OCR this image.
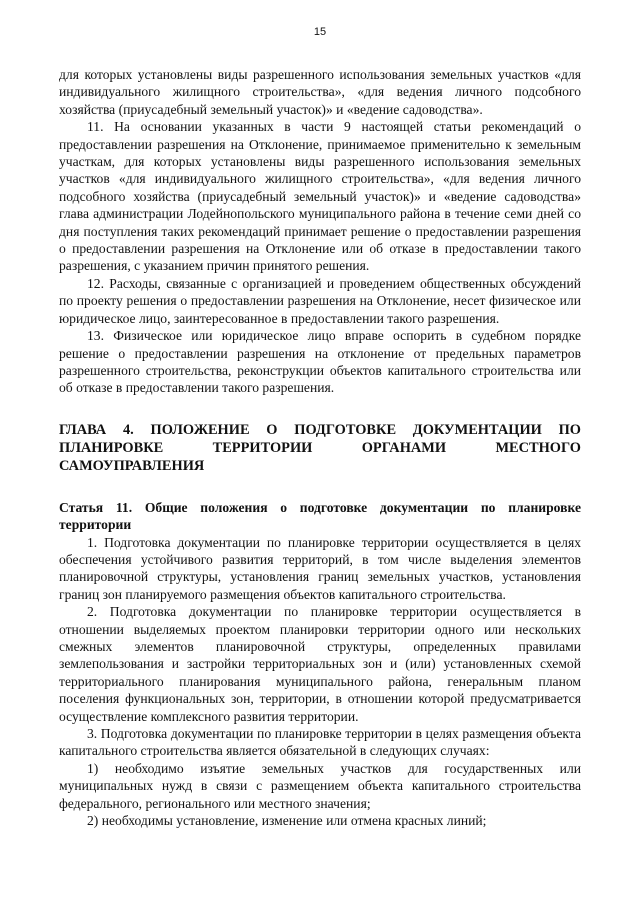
15

для которых установлены виды разрешенного использования земельных участков «для индивидуального жилищного строительства», «для ведения личного подсобного хозяйства (приусадебный земельный участок)» и «ведение садоводства».

11. На основании указанных в части 9 настоящей статьи рекомендаций о предоставлении разрешения на Отклонение, принимаемое применительно к земельным участкам, для которых установлены виды разрешенного использования земельных участков «для индивидуального жилищного строительства», «для ведения личного подсобного хозяйства (приусадебный земельный участок)» и «ведение садоводства» глава администрации Лодейнопольского муниципального района в течение семи дней со дня поступления таких рекомендаций принимает решение о предоставлении разрешения о предоставлении разрешения на Отклонение или об отказе в предоставлении такого разрешения, с указанием причин принятого решения.

12. Расходы, связанные с организацией и проведением общественных обсуждений по проекту решения о предоставлении разрешения на Отклонение, несет физическое или юридическое лицо, заинтересованное в предоставлении такого разрешения.

13. Физическое или юридическое лицо вправе оспорить в судебном порядке решение о предоставлении разрешения на отклонение от предельных параметров разрешенного строительства, реконструкции объектов капитального строительства или об отказе в предоставлении такого разрешения.

ГЛАВА 4. ПОЛОЖЕНИЕ О ПОДГОТОВКЕ ДОКУМЕНТАЦИИ ПО ПЛАНИРОВКЕ ТЕРРИТОРИИ ОРГАНАМИ МЕСТНОГО САМОУПРАВЛЕНИЯ

Статья 11. Общие положения о подготовке документации по планировке территории

1. Подготовка документации по планировке территории осуществляется в целях обеспечения устойчивого развития территорий, в том числе выделения элементов планировочной структуры, установления границ земельных участков, установления границ зон планируемого размещения объектов капитального строительства.

2. Подготовка документации по планировке территории осуществляется в отношении выделяемых проектом планировки территории одного или нескольких смежных элементов планировочной структуры, определенных правилами землепользования и застройки территориальных зон и (или) установленных схемой территориального планирования муниципального района, генеральным планом поселения функциональных зон, территории, в отношении которой предусматривается осуществление комплексного развития территории.

3. Подготовка документации по планировке территории в целях размещения объекта капитального строительства является обязательной в следующих случаях:

1) необходимо изъятие земельных участков для государственных или муниципальных нужд в связи с размещением объекта капитального строительства федерального, регионального или местного значения;

2) необходимы установление, изменение или отмена красных линий;
